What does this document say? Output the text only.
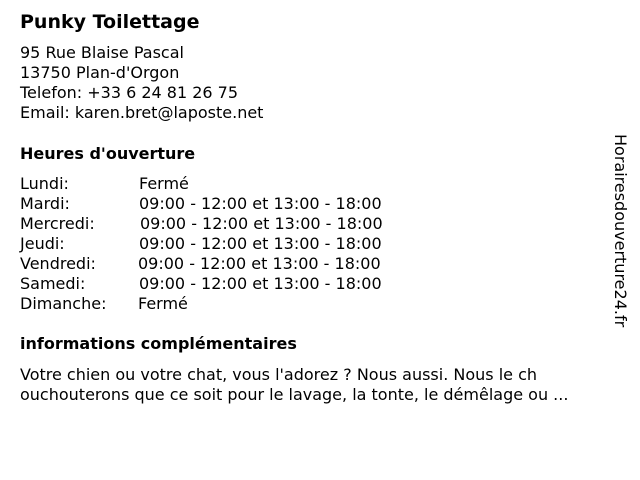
Punky Toilettage
95 Rue Blaise Pascal
13750 Plan-d'Orgon
Telefon: +33 6 24 81 26 75
Email: karen.bret@laposte.net
Heures d'ouverture
Lundi:	Fermé
Mardi:	09:00 - 12:00 et 13:00 - 18:00
Mercredi:	09:00 - 12:00 et 13:00 - 18:00
Jeudi:	09:00 - 12:00 et 13:00 - 18:00
Vendredi:	09:00 - 12:00 et 13:00 - 18:00
Samedi:	09:00 - 12:00 et 13:00 - 18:00
Dimanche: Fermé
informations complémentaires
Votre chien ou votre chat, vous l'adorez ? Nous aussi. Nous le ch
ouchouterons que ce soit pour le lavage, la tonte, le démêlage ou ...
Horairesdouverture24.fr
